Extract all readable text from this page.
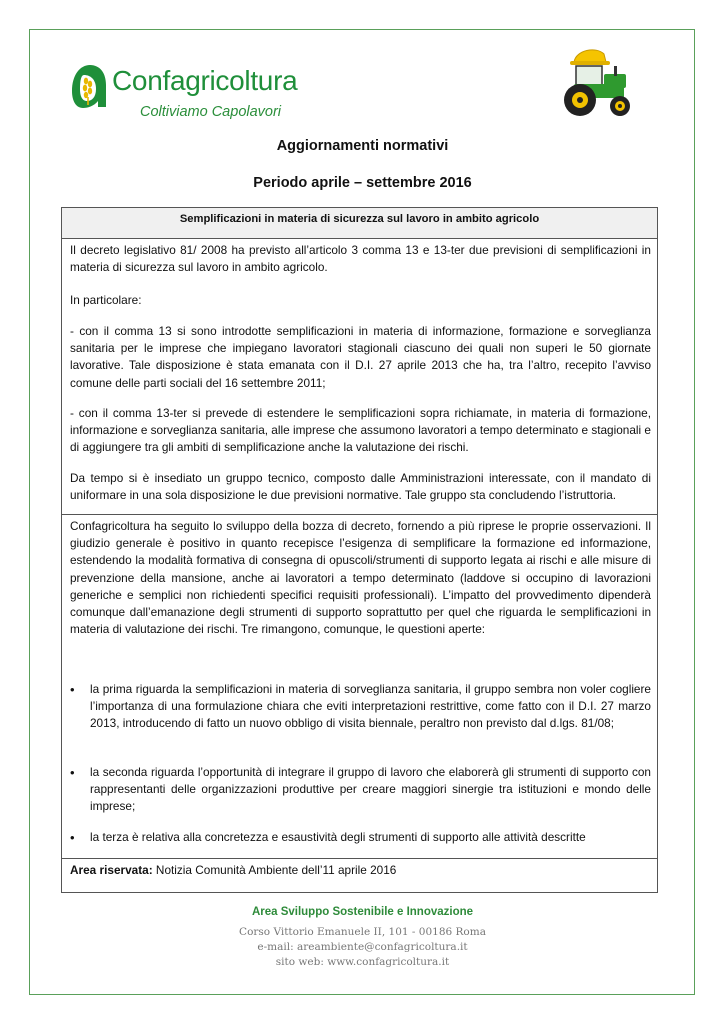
Confagricoltura
Coltiviamo Capolavori
Aggiornamenti normativi
Periodo aprile – settembre 2016
Semplificazioni in materia di sicurezza sul lavoro in ambito agricolo
Il decreto legislativo 81/ 2008 ha previsto all’articolo 3 comma 13 e 13-ter due previsioni di semplificazioni in materia di sicurezza sul lavoro in ambito agricolo.
In particolare:
- con il comma 13 si sono introdotte semplificazioni in materia di informazione, formazione e sorveglianza sanitaria per le imprese che impiegano lavoratori stagionali ciascuno dei quali non superi le 50 giornate lavorative. Tale disposizione è stata emanata con il D.I. 27 aprile 2013 che ha, tra l’altro, recepito l’avviso comune delle parti sociali del 16 settembre 2011;
- con il comma 13-ter si prevede di estendere le semplificazioni sopra richiamate, in materia di formazione, informazione e sorveglianza sanitaria, alle imprese che assumono lavoratori a tempo determinato e stagionali e di aggiungere tra gli ambiti di semplificazione anche la valutazione dei rischi.
Da tempo si è insediato un gruppo tecnico, composto dalle Amministrazioni interessate, con il mandato di uniformare in una sola disposizione le due previsioni normative. Tale gruppo sta concludendo l’istruttoria.
Confagricoltura ha seguito lo sviluppo della bozza di decreto, fornendo a più riprese le proprie osservazioni. Il giudizio generale è positivo in quanto recepisce l’esigenza di semplificare la formazione ed informazione, estendendo la modalità formativa di consegna di opuscoli/strumenti di supporto legata ai rischi e alle misure di prevenzione della mansione, anche ai lavoratori a tempo determinato (laddove si occupino di lavorazioni generiche e semplici non richiedenti specifici requisiti professionali). L’impatto del provvedimento dipenderà comunque dall’emanazione degli strumenti di supporto soprattutto per quel che riguarda le semplificazioni in materia di valutazione dei rischi. Tre rimangono, comunque, le questioni aperte:
•	la prima riguarda la semplificazioni in materia di sorveglianza sanitaria, il gruppo sembra non voler cogliere l’importanza di una formulazione chiara che eviti interpretazioni restrittive, come fatto con il D.I. 27 marzo 2013, introducendo di fatto un nuovo obbligo di visita biennale, peraltro non previsto dal d.lgs. 81/08;
•	la seconda riguarda l’opportunità di integrare il gruppo di lavoro che elaborerà gli strumenti di supporto con rappresentanti delle organizzazioni produttive per creare maggiori sinergie tra istituzioni e mondo delle imprese;
•	la terza è relativa alla concretezza e esaustività degli strumenti di supporto alle attività descritte
Area riservata: Notizia Comunità Ambiente dell’11 aprile 2016
Area Sviluppo Sostenibile e Innovazione
Corso Vittorio Emanuele II, 101 - 00186 Roma
e-mail: areambiente@confagricoltura.it
sito web: www.confagricoltura.it
